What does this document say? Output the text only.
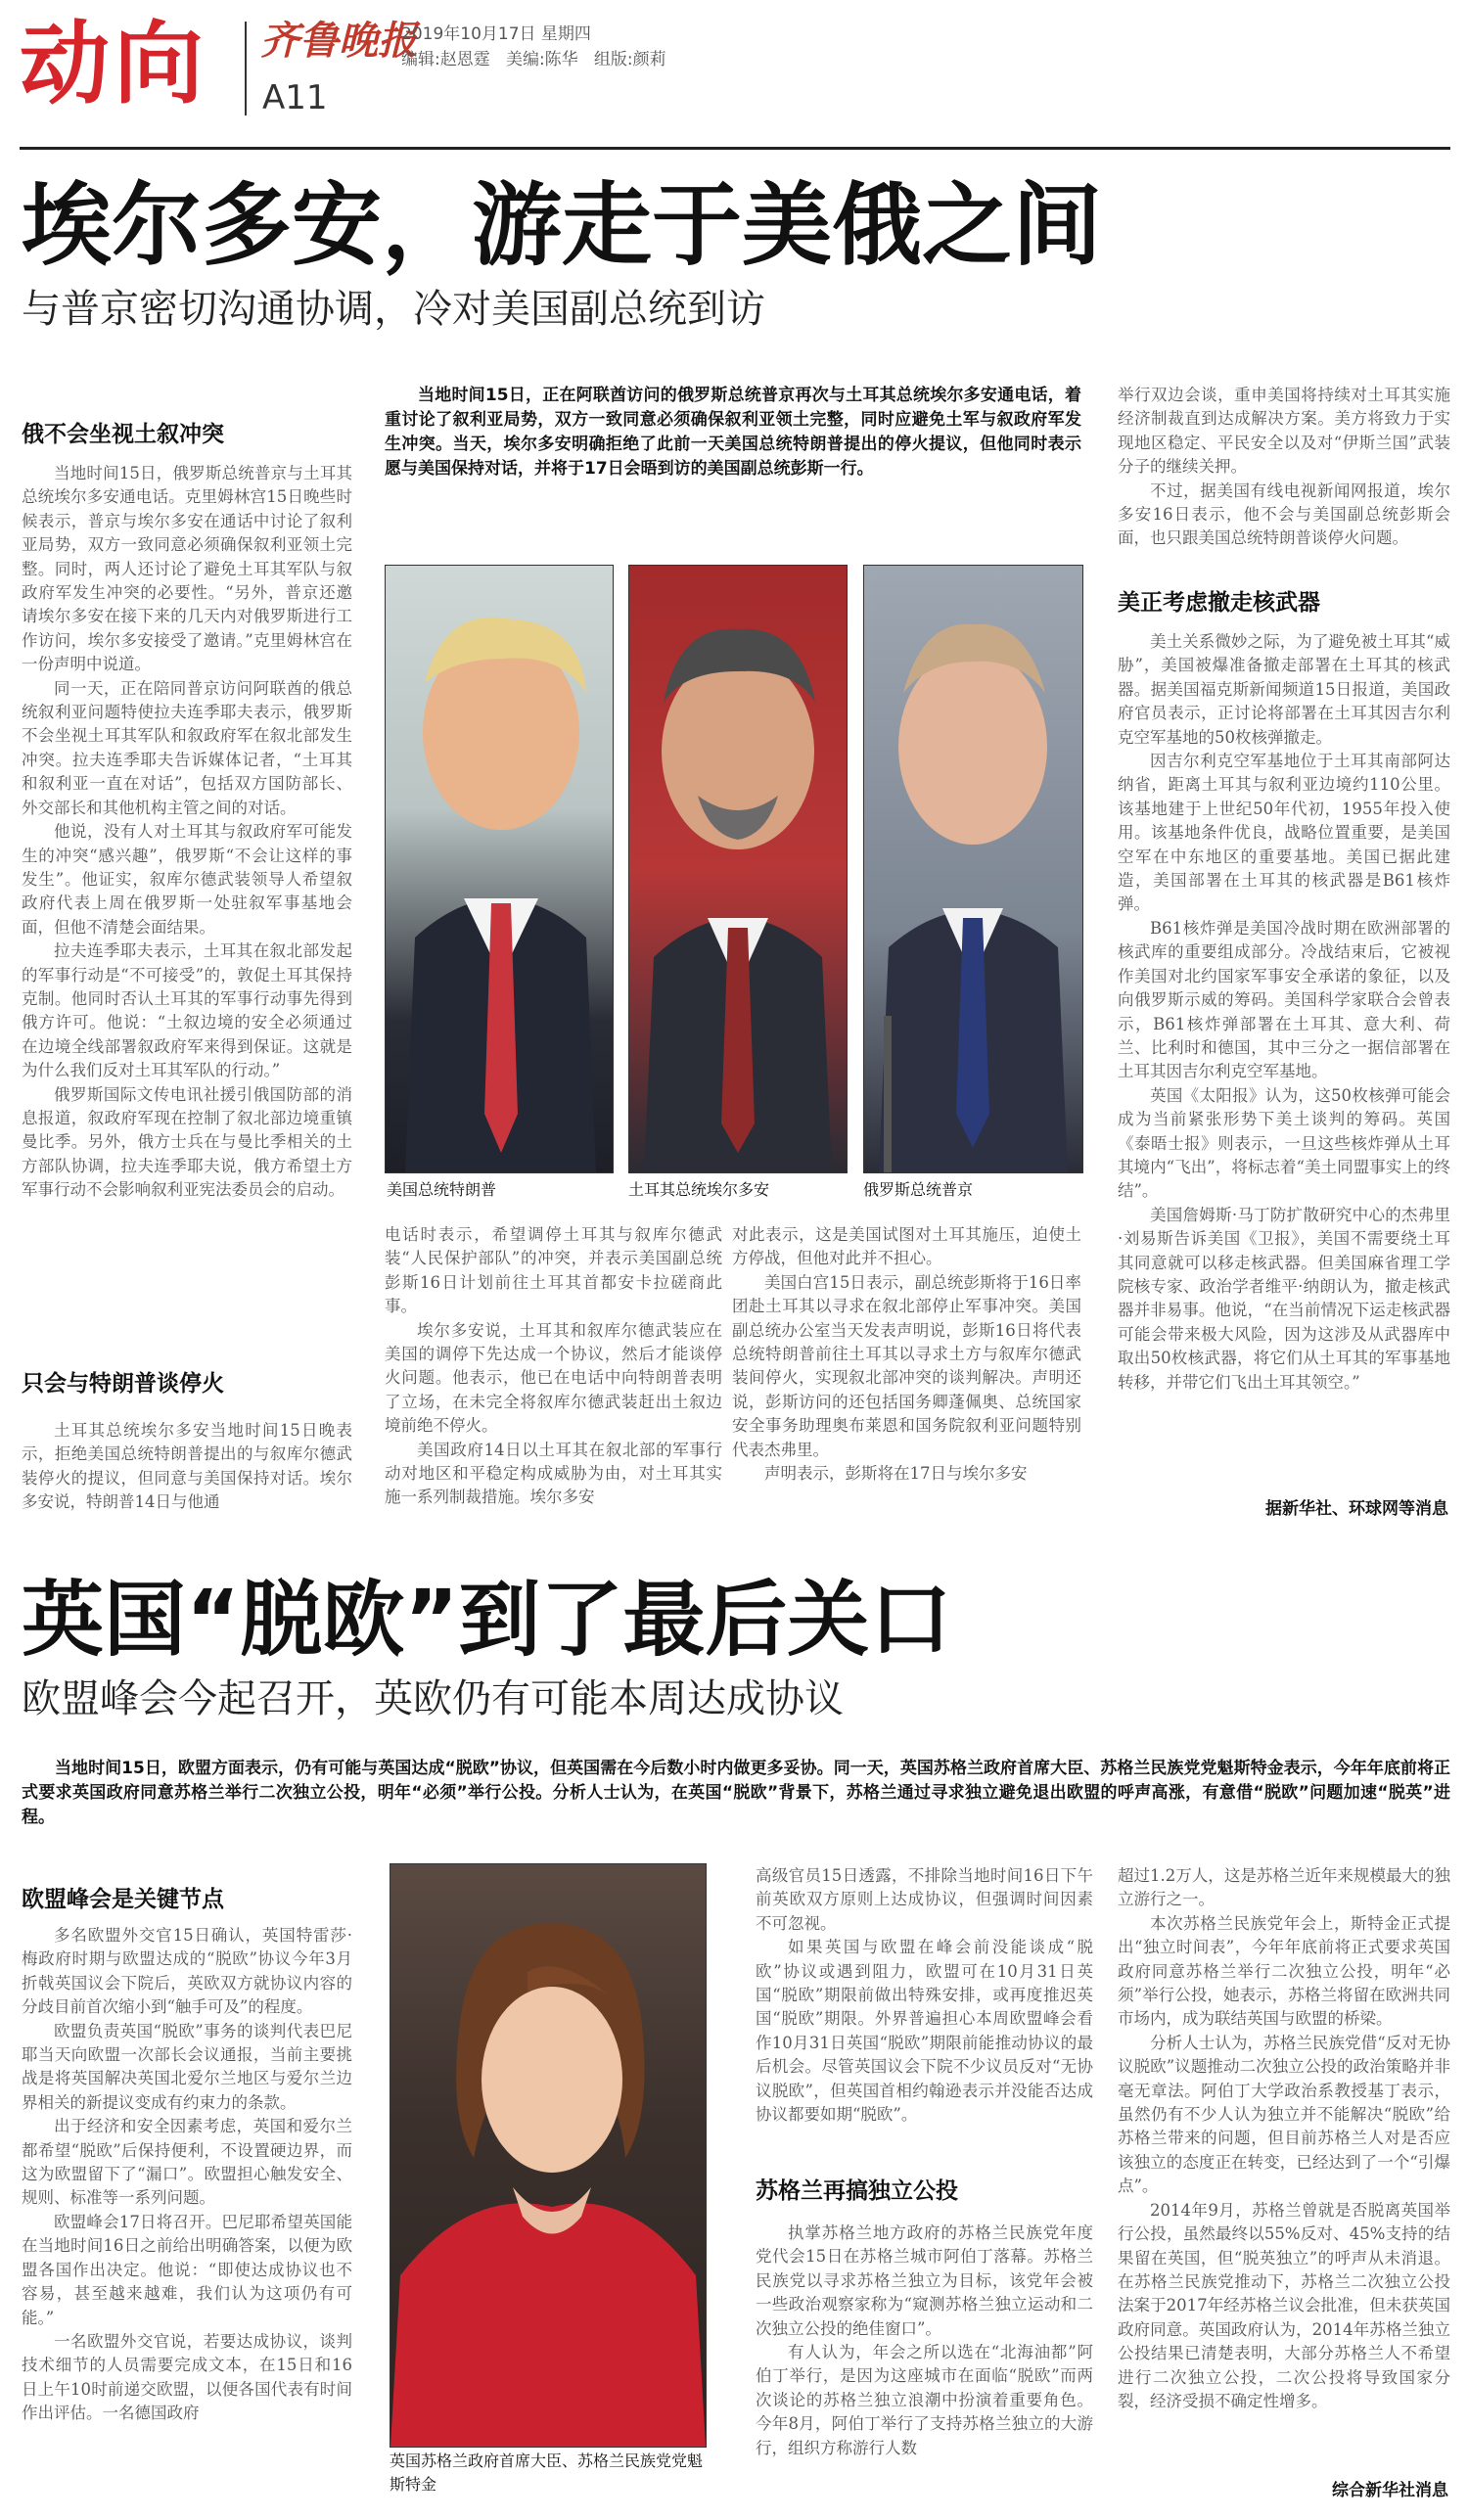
动向 齐鲁晚报
2019年10月17日 星期四
编辑:赵恩霆   美编:陈华   组版:颜莉
A11
埃尔多安，游走于美俄之间
与普京密切沟通协调，冷对美国副总统到访
当地时间15日，正在阿联酋访问的俄罗斯总统普京再次与土耳其总统埃尔多安通电话，着重讨论了叙利亚局势，双方一致同意必须确保叙利亚领土完整，同时应避免土军与叙政府军发生冲突。当天，埃尔多安明确拒绝了此前一天美国总统特朗普提出的停火提议，但他同时表示愿与美国保持对话，并将于17日会晤到访的美国副总统彭斯一行。
俄不会坐视土叙冲突

当地时间15日，俄罗斯总统普京与土耳其总统埃尔多安通电话。克里姆林宫15日晚些时候表示，普京与埃尔多安在通话中讨论了叙利亚局势，双方一致同意必须确保叙利亚领土完整。同时，两人还讨论了避免土耳其军队与叙政府军发生冲突的必要性。“另外，普京还邀请埃尔多安在接下来的几天内对俄罗斯进行工作访问，埃尔多安接受了邀请。”克里姆林宫在一份声明中说道。

同一天，正在陪同普京访问阿联酋的俄总统叙利亚问题特使拉夫连季耶夫表示，俄罗斯不会坐视土耳其军队和叙政府军在叙北部发生冲突。拉夫连季耶夫告诉媒体记者，“土耳其和叙利亚一直在对话”，包括双方国防部长、外交部长和其他机构主管之间的对话。

他说，没有人对土耳其与叙政府军可能发生的冲突“感兴趣”，俄罗斯“不会让这样的事发生”。他证实，叙库尔德武装领导人希望叙政府代表上周在俄罗斯一处驻叙军事基地会面，但他不清楚会面结果。

拉夫连季耶夫表示，土耳其在叙北部发起的军事行动是“不可接受”的，敦促土耳其保持克制。他同时否认土耳其的军事行动事先得到俄方许可。他说：“土叙边境的安全必须通过在边境全线部署叙政府军来得到保证。这就是为什么我们反对土耳其军队的行动。”

俄罗斯国际文传电讯社援引俄国防部的消息报道，叙政府军现在控制了叙北部边境重镇曼比季。另外，俄方士兵在与曼比季相关的土方部队协调，拉夫连季耶夫说，俄方希望土方军事行动不会影响叙利亚宪法委员会的启动。

只会与特朗普谈停火

土耳其总统埃尔多安当地时间15日晚表示，拒绝美国总统特朗普提出的与叙库尔德武装停火的提议，但同意与美国保持对话。埃尔多安说，特朗普14日与他通

美国总统特朗普	土耳其总统埃尔多安	俄罗斯总统普京

电话时表示，希望调停土耳其与叙库尔德武装“人民保护部队”的冲突，并表示美国副总统彭斯16日计划前往土耳其首都安卡拉磋商此事。

埃尔多安说，土耳其和叙库尔德武装应在美国的调停下先达成一个协议，然后才能谈停火问题。他表示，他已在电话中向特朗普表明了立场，在未完全将叙库尔德武装赶出土叙边境前绝不停火。

美国政府14日以土耳其在叙北部的军事行动对地区和平稳定构成威胁为由，对土耳其实施一系列制裁措施。埃尔多安

对此表示，这是美国试图对土耳其施压，迫使土方停战，但他对此并不担心。

美国白宫15日表示，副总统彭斯将于16日率团赴土耳其以寻求在叙北部停止军事冲突。美国副总统办公室当天发表声明说，彭斯16日将代表总统特朗普前往土耳其以寻求土方与叙库尔德武装间停火，实现叙北部冲突的谈判解决。声明还说，彭斯访问的还包括国务卿蓬佩奥、总统国家安全事务助理奥布莱恩和国务院叙利亚问题特别代表杰弗里。

声明表示，彭斯将在17日与埃尔多安

举行双边会谈，重申美国将持续对土耳其实施经济制裁直到达成解决方案。美方将致力于实现地区稳定、平民安全以及对“伊斯兰国”武装分子的继续关押。

不过，据美国有线电视新闻网报道，埃尔多安16日表示，他不会与美国副总统彭斯会面，也只跟美国总统特朗普谈停火问题。

美正考虑撤走核武器

美土关系微妙之际，为了避免被土耳其“威胁”，美国被爆准备撤走部署在土耳其的核武器。据美国福克斯新闻频道15日报道，美国政府官员表示，正讨论将部署在土耳其因吉尔利克空军基地的50枚核弹撤走。

因吉尔利克空军基地位于土耳其南部阿达纳省，距离土耳其与叙利亚边境约110公里。该基地建于上世纪50年代初，1955年投入使用。该基地条件优良，战略位置重要，是美国空军在中东地区的重要基地。美国已据此建造，美国部署在土耳其的核武器是B61核炸弹。

B61核炸弹是美国冷战时期在欧洲部署的核武库的重要组成部分。冷战结束后，它被视作美国对北约国家军事安全承诺的象征，以及向俄罗斯示威的筹码。美国科学家联合会曾表示，B61核炸弹部署在土耳其、意大利、荷兰、比利时和德国，其中三分之一据信部署在土耳其因吉尔利克空军基地。

英国《太阳报》认为，这50枚核弹可能会成为当前紧张形势下美土谈判的筹码。英国《泰晤士报》则表示，一旦这些核炸弹从土耳其境内“飞出”，将标志着“美土同盟事实上的终结”。

美国詹姆斯·马丁防扩散研究中心的杰弗里·刘易斯告诉美国《卫报》，美国不需要绕土耳其同意就可以移走核武器。但美国麻省理工学院核专家、政治学者维平·纳朗认为，撤走核武器并非易事。他说，“在当前情况下运走核武器可能会带来极大风险，因为这涉及从武器库中取出50枚核武器，将它们从土耳其的军事基地转移，并带它们飞出土耳其领空。”

据新华社、环球网等消息
英国“脱欧”到了最后关口
欧盟峰会今起召开，英欧仍有可能本周达成协议
当地时间15日，欧盟方面表示，仍有可能与英国达成“脱欧”协议，但英国需在今后数小时内做更多妥协。同一天，英国苏格兰政府首席大臣、苏格兰民族党党魁斯特金表示，今年年底前将正式要求英国政府同意苏格兰举行二次独立公投，明年“必须”举行公投。分析人士认为，在英国“脱欧”背景下，苏格兰通过寻求独立避免退出欧盟的呼声高涨，有意借“脱欧”问题加速“脱英”进程。
欧盟峰会是关键节点

多名欧盟外交官15日确认，英国特雷莎·梅政府时期与欧盟达成的“脱欧”协议今年3月折戟英国议会下院后，英欧双方就协议内容的分歧目前首次缩小到“触手可及”的程度。

欧盟负责英国“脱欧”事务的谈判代表巴尼耶当天向欧盟一次部长会议通报，当前主要挑战是将英国解决英国北爱尔兰地区与爱尔兰边界相关的新提议变成有约束力的条款。

出于经济和安全因素考虑，英国和爱尔兰都希望“脱欧”后保持便利，不设置硬边界，而这为欧盟留下了“漏口”。欧盟担心触发安全、规则、标准等一系列问题。

欧盟峰会17日将召开。巴尼耶希望英国能在当地时间16日之前给出明确答案，以便为欧盟各国作出决定。他说：“即使达成协议也不容易，甚至越来越难，我们认为这项仍有可能。”

一名欧盟外交官说，若要达成协议，谈判技术细节的人员需要完成文本，在15日和16日上午10时前递交欧盟，以便各国代表有时间作出评估。一名德国政府

英国苏格兰政府首席大臣、苏格兰民族党党魁斯特金

高级官员15日透露，不排除当地时间16日下午前英欧双方原则上达成协议，但强调时间因素不可忽视。

如果英国与欧盟在峰会前没能谈成“脱欧”协议或遇到阻力，欧盟可在10月31日英国“脱欧”期限前做出特殊安排，或再度推迟英国“脱欧”期限。外界普遍担心本周欧盟峰会看作10月31日英国“脱欧”期限前能推动协议的最后机会。尽管英国议会下院不少议员反对“无协议脱欧”，但英国首相约翰逊表示并没能否达成协议都要如期“脱欧”。

苏格兰再搞独立公投

执掌苏格兰地方政府的苏格兰民族党年度党代会15日在苏格兰城市阿伯丁落幕。苏格兰民族党以寻求苏格兰独立为目标，该党年会被一些政治观察家称为“窥测苏格兰独立运动和二次独立公投的绝佳窗口”。

有人认为，年会之所以选在“北海油都”阿伯丁举行，是因为这座城市在面临“脱欧”而两次谈论的苏格兰独立浪潮中扮演着重要角色。今年8月，阿伯丁举行了支持苏格兰独立的大游行，组织方称游行人数

超过1.2万人，这是苏格兰近年来规模最大的独立游行之一。

本次苏格兰民族党年会上，斯特金正式提出“独立时间表”，今年年底前将正式要求英国政府同意苏格兰举行二次独立公投，明年“必须”举行公投，她表示，苏格兰将留在欧洲共同市场内，成为联结英国与欧盟的桥梁。

分析人士认为，苏格兰民族党借“反对无协议脱欧”议题推动二次独立公投的政治策略并非毫无章法。阿伯丁大学政治系教授基丁表示，虽然仍有不少人认为独立并不能解决“脱欧”给苏格兰带来的问题，但目前苏格兰人对是否应该独立的态度正在转变，已经达到了一个“引爆点”。

2014年9月，苏格兰曾就是否脱离英国举行公投，虽然最终以55%反对、45%支持的结果留在英国，但“脱英独立”的呼声从未消退。在苏格兰民族党推动下，苏格兰二次独立公投法案于2017年经苏格兰议会批准，但未获英国政府同意。英国政府认为，2014年苏格兰独立公投结果已清楚表明，大部分苏格兰人不希望进行二次独立公投，二次公投将导致国家分裂，经济受损不确定性增多。

综合新华社消息
